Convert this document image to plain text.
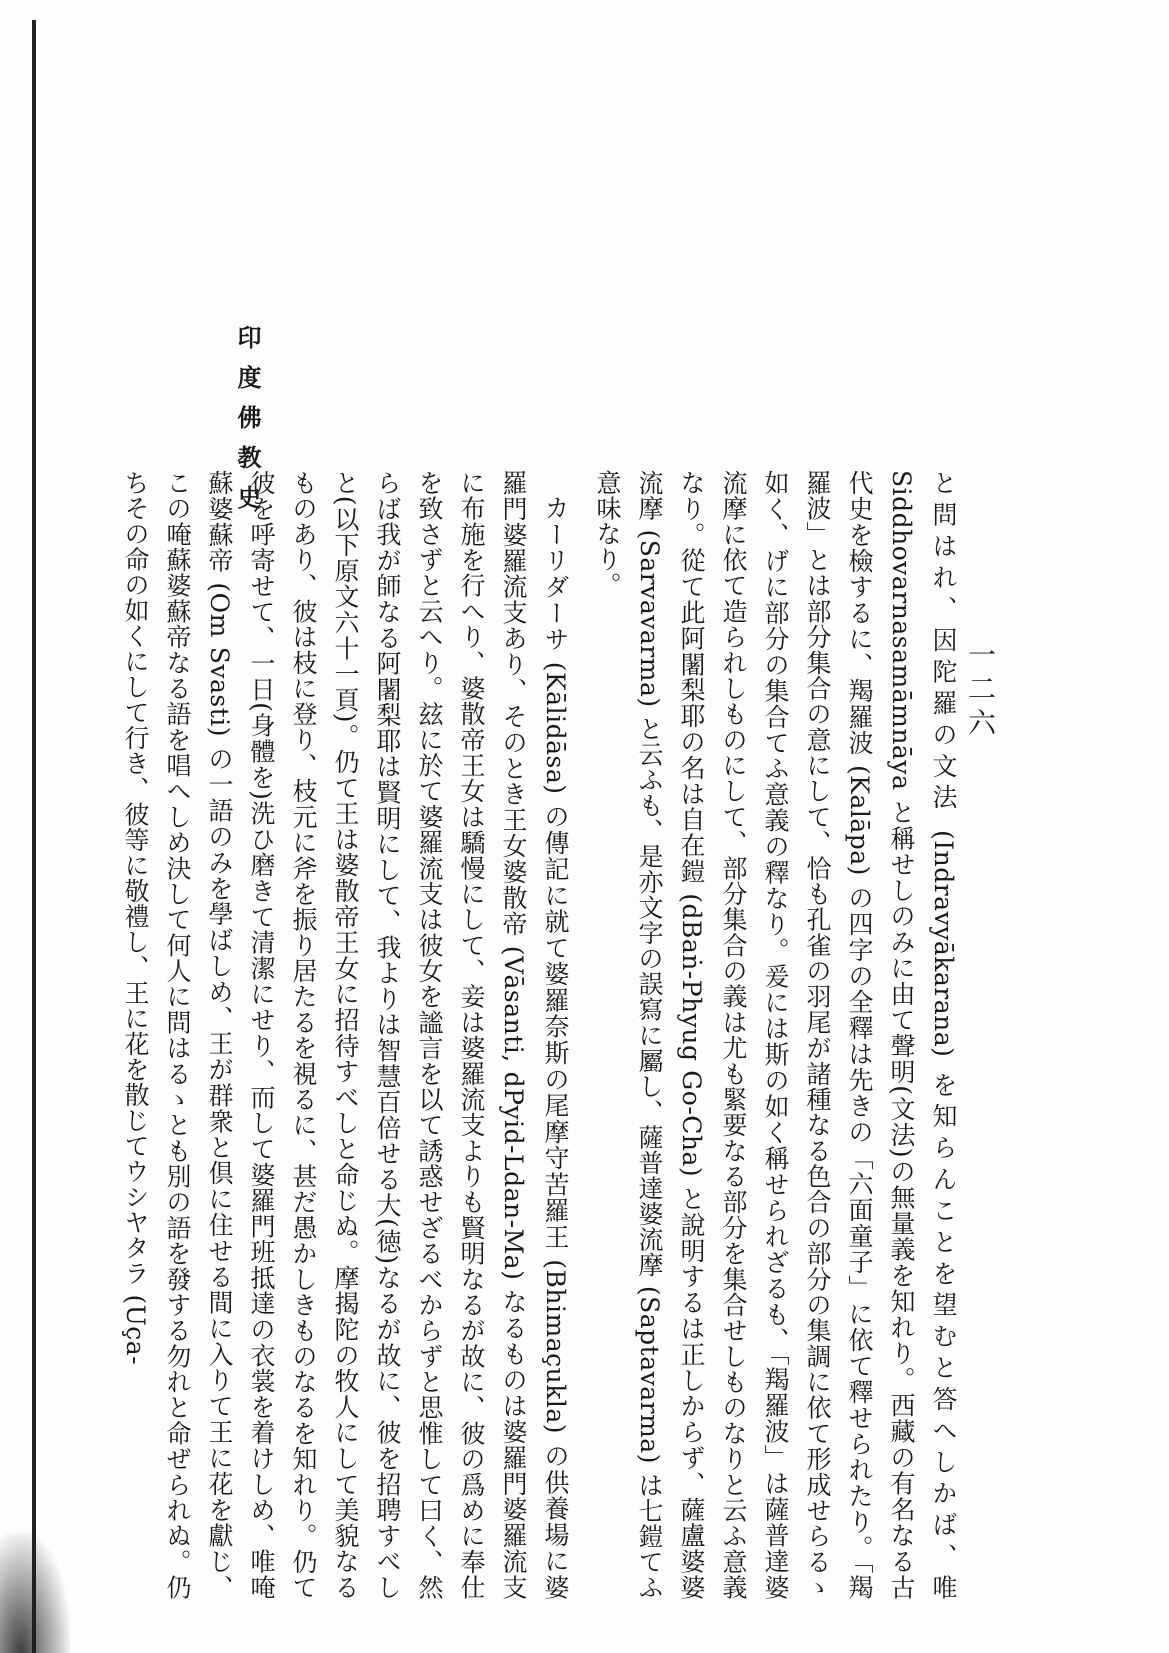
一二六

印度佛教史

と問はれ、因陀羅の文法 (Indravyākarana) を知らんことを望むと答へしかば、唯 Siddhovarnasamāmnāya と稱せしのみに由て聲明(文法)の無量義を知れり。西藏の有名なる古代史を檢するに、羯羅波 (Kalāpa) の四字の全釋は先きの「六面童子」に依て釋せられたり。「羯羅波」とは部分集合の意にして、恰も孔雀の羽尾が諸種なる色合の部分の集調に依て形成せらるゝ如く、げに部分の集合てふ意義の釋なり。爰には斯の如く稱せられざるも、「羯羅波」は薩普達婆流摩に依て造られしものにして、部分集合の義は尤も緊要なる部分を集合せしものなりと云ふ意義なり。從て此阿闍梨耶の名は自在鎧 (dBaṅ-Phyug Go-Cha) と說明するは正しからず、薩盧婆婆流摩 (Sarvavarma) と云ふも、是亦文字の誤寫に屬し、薩普達婆流摩 (Saptavarma) は七鎧てふ意味なり。

カーリダーサ (Kālidāsa) の傳記に就て婆羅奈斯の尾摩守苦羅王 (Bhimaçukla) の供養場に婆羅門婆羅流支あり、そのとき王女婆散帝 (Vāsanti, dPyid-Ldan-Ma) なるものは婆羅門婆羅流支に布施を行へり、婆散帝王女は驕慢にして、妾は婆羅流支よりも賢明なるが故に、彼の爲めに奉仕を致さずと云へり。玆に於て婆羅流支は彼女を謐言を以て誘惑せざるべからずと思惟して曰く、然らば我が師なる阿闍梨耶は賢明にして、我よりは智慧百倍せる大(徳)なるが故に、彼を招聘すべしと(以下原文六十一頁)。仍て王は婆散帝王女に招待すべしと命じぬ。摩揭陀の牧人にして美貌なるものあり、彼は枝に登り、枝元に斧を振り居たるを視るに、甚だ愚かしきものなるを知れり。仍て彼を呼寄せて、一日(身體を)洗ひ磨きて清潔にせり、而して婆羅門班抵達の衣裳を着けしめ、唯唵蘇婆蘇帝 (Om Svasti) の一語のみを學ばしめ、王が群衆と倶に住せる間に入りて王に花を獻じ、この唵蘇婆蘇帝なる語を唱へしめ決して何人に問はるゝとも別の語を發する勿れと命ぜられぬ。仍ちその命の如くにして行き、彼等に敬禮し、王に花を散じてウシヤタラ (Uça-
